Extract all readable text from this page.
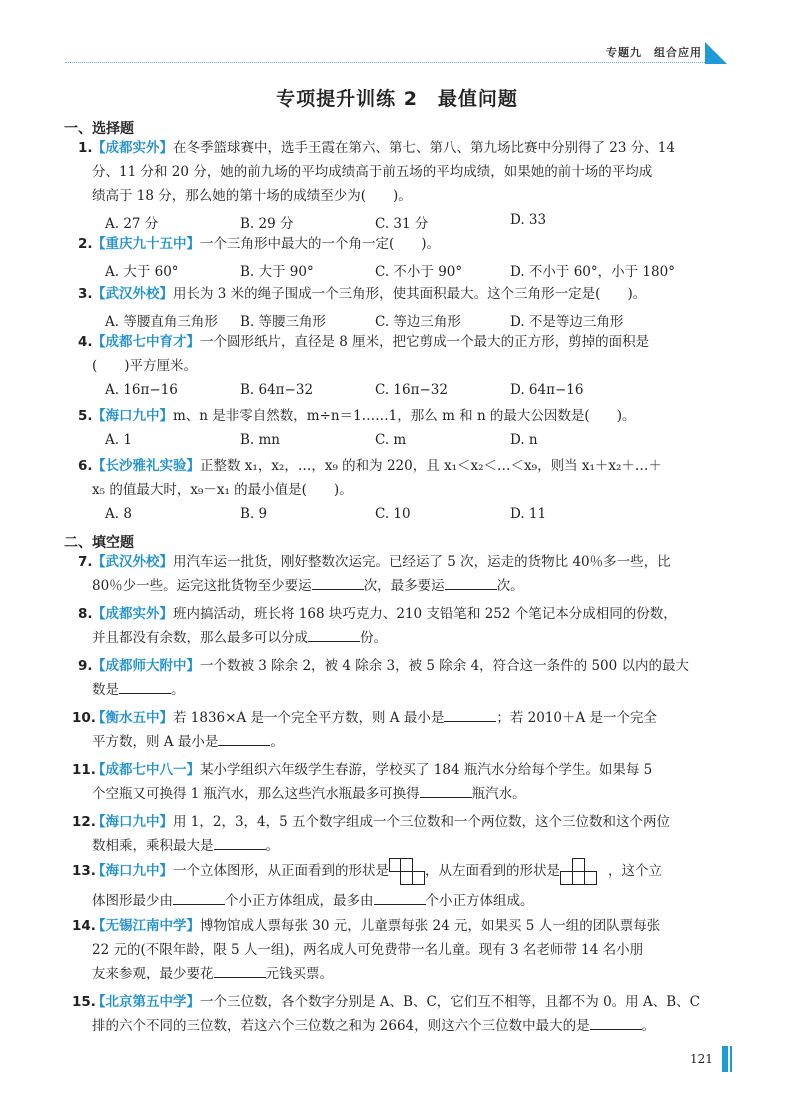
专题九　组合应用
专项提升训练 2　最值问题
一、选择题
1. 【成都实外】在冬季篮球赛中，选手王霞在第六、第七、第八、第九场比赛中分别得了 23 分、14
分、11 分和 20 分，她的前九场的平均成绩高于前五场的平均成绩，如果她的前十场的平均成
绩高于 18 分，那么她的第十场的成绩至少为(　　)。
A. 27 分	B. 29 分	C. 31 分	D. 33
2. 【重庆九十五中】一个三角形中最大的一个角一定(　　)。
A. 大于 60°	B. 大于 90°	C. 不小于 90°	D. 不小于 60°，小于 180°
3. 【武汉外校】用长为 3 米的绳子围成一个三角形，使其面积最大。这个三角形一定是(　　)。
A. 等腰直角三角形 B. 等腰三角形	C. 等边三角形	D. 不是等边三角形
4. 【成都七中育才】一个圆形纸片，直径是 8 厘米，把它剪成一个最大的正方形，剪掉的面积是
(　　)平方厘米。
A. 16π−16	B. 64π−32	C. 16π−32	D. 64π−16
5. 【海口九中】m、n 是非零自然数，m÷n＝1……1，那么 m 和 n 的最大公因数是(　　)。
A. 1	B. mn	C. m	D. n
6. 【长沙雅礼实验】正整数 x₁，x₂，…，x₉ 的和为 220，且 x₁＜x₂＜…＜x₉，则当 x₁＋x₂＋…＋
x₅ 的值最大时，x₉－x₁ 的最小值是(　　)。
A. 8	B. 9	C. 10	D. 11
二、填空题
7. 【武汉外校】用汽车运一批货，刚好整数次运完。已经运了 5 次，运走的货物比 40％多一些，比
80％少一些。运完这批货物至少要运	次，最多要运	次。
8. 【成都实外】班内搞活动，班长将 168 块巧克力、210 支铅笔和 252 个笔记本分成相同的份数，
并且都没有余数，那么最多可以分成	份。
9. 【成都师大附中】一个数被 3 除余 2，被 4 除余 3，被 5 除余 4，符合这一条件的 500 以内的最大
数是	。
10.
【衡水五中】若 1836×A 是一个完全平方数，则 A 最小是	；若 2010＋A 是一个完全
平方数，则 A 最小是	。
11.
【成都七中八一】某小学组织六年级学生春游，学校买了 184 瓶汽水分给每个学生。如果每 5
个空瓶又可换得 1 瓶汽水，那么这些汽水瓶最多可换得	瓶汽水。
12.
【海口九中】用 1，2，3，4，5 五个数字组成一个三位数和一个两位数，这个三位数和这个两位
数相乘，乘积最大是	。
13.
【海口九中】一个立体图形，从正面看到的形状是	，从左面看到的形状是	，这个立
体图形最少由	个小正方体组成，最多由	个小正方体组成。
14.
【无锡江南中学】博物馆成人票每张 30 元，儿童票每张 24 元，如果买 5 人一组的团队票每张
22 元的(不限年龄，限 5 人一组)，两名成人可免费带一名儿童。现有 3 名老师带 14 名小朋
友来参观，最少要花	元钱买票。
15.
【北京第五中学】一个三位数，各个数字分别是 A、B、C，它们互不相等，且都不为 0。用 A、B、C
排的六个不同的三位数，若这六个三位数之和为 2664，则这六个三位数中最大的是	。
121
